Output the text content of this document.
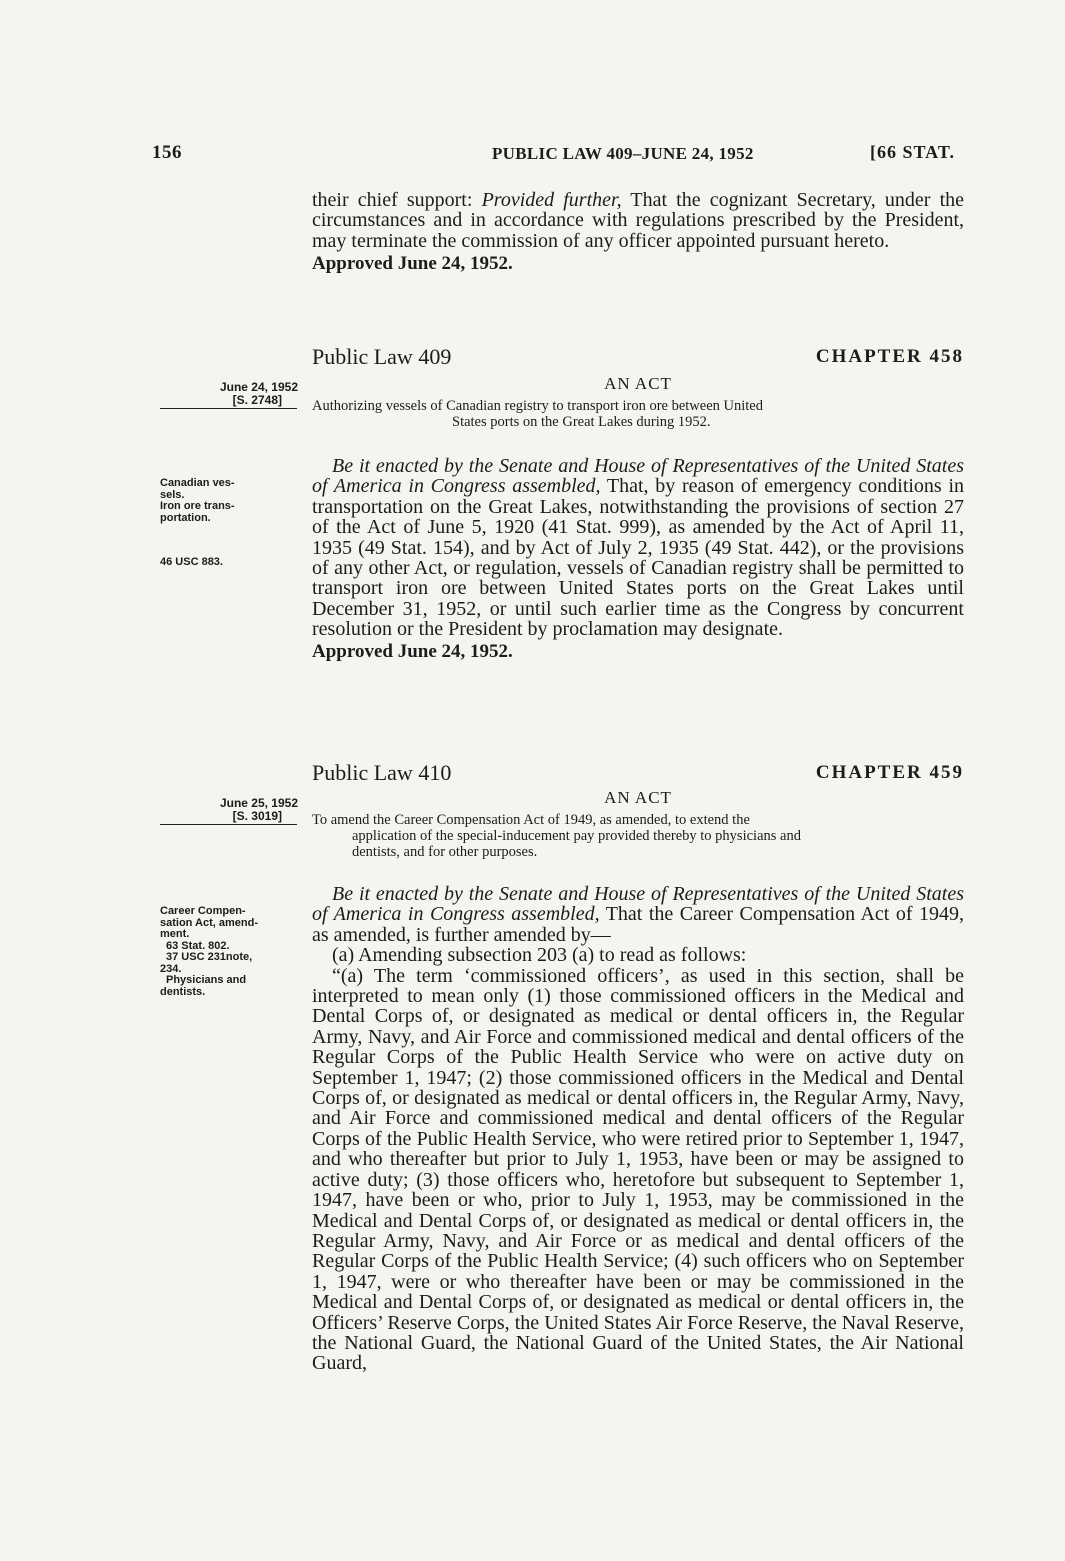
156	PUBLIC LAW 409–JUNE 24, 1952	[66 STAT.

their chief support: Provided further, That the cognizant Secretary, under the circumstances and in accordance with regulations prescribed by the President, may terminate the commission of any officer appointed pursuant hereto.

Approved June 24, 1952.

Public Law 409	CHAPTER 458
AN ACT
Authorizing vessels of Canadian registry to transport iron ore between United
States ports on the Great Lakes during 1952.
June 24, 1952
[S. 2748]

Be it enacted by the Senate and House of Representatives of the United States of America in Congress assembled, That, by reason of emergency conditions in transportation on the Great Lakes, notwithstanding the provisions of section 27 of the Act of June 5, 1920 (41 Stat. 999), as amended by the Act of April 11, 1935 (49 Stat. 154), and by Act of July 2, 1935 (49 Stat. 442), or the provisions of any other Act, or regulation, vessels of Canadian registry shall be permitted to transport iron ore between United States ports on the Great Lakes until December 31, 1952, or until such earlier time as the Congress by concurrent resolution or the President by proclamation may designate.

Approved June 24, 1952.

Canadian ves-
sels.
Iron ore trans-
portation.
46 USC 883.
Public Law 410	CHAPTER 459
AN ACT
To amend the Career Compensation Act of 1949, as amended, to extend the
application of the special-inducement pay provided thereby to physicians and
dentists, and for other purposes.
June 25, 1952
[S. 3019]

Be it enacted by the Senate and House of Representatives of the United States of America in Congress assembled, That the Career Compensation Act of 1949, as amended, is further amended by—

(a) Amending subsection 203 (a) to read as follows:

“(a) The term ‘commissioned officers’, as used in this section, shall be interpreted to mean only (1) those commissioned officers in the Medical and Dental Corps of, or designated as medical or dental officers in, the Regular Army, Navy, and Air Force and commissioned medical and dental officers of the Regular Corps of the Public Health Service who were on active duty on September 1, 1947; (2) those commissioned officers in the Medical and Dental Corps of, or designated as medical or dental officers in, the Regular Army, Navy, and Air Force and commissioned medical and dental officers of the Regular Corps of the Public Health Service, who were retired prior to September 1, 1947, and who thereafter but prior to July 1, 1953, have been or may be assigned to active duty; (3) those officers who, heretofore but subsequent to September 1, 1947, have been or who, prior to July 1, 1953, may be commissioned in the Medical and Dental Corps of, or designated as medical or dental officers in, the Regular Army, Navy, and Air Force or as medical and dental officers of the Regular Corps of the Public Health Service; (4) such officers who on September 1, 1947, were or who thereafter have been or may be commissioned in the Medical and Dental Corps of, or designated as medical or dental officers in, the Officers’ Reserve Corps, the United States Air Force Reserve, the Naval Reserve, the National Guard, the National Guard of the United States, the Air National Guard,

Career Compen-
sation Act, amend-
ment.

63 Stat. 802.
37 USC 231note,
234.

Physicians and
dentists.
